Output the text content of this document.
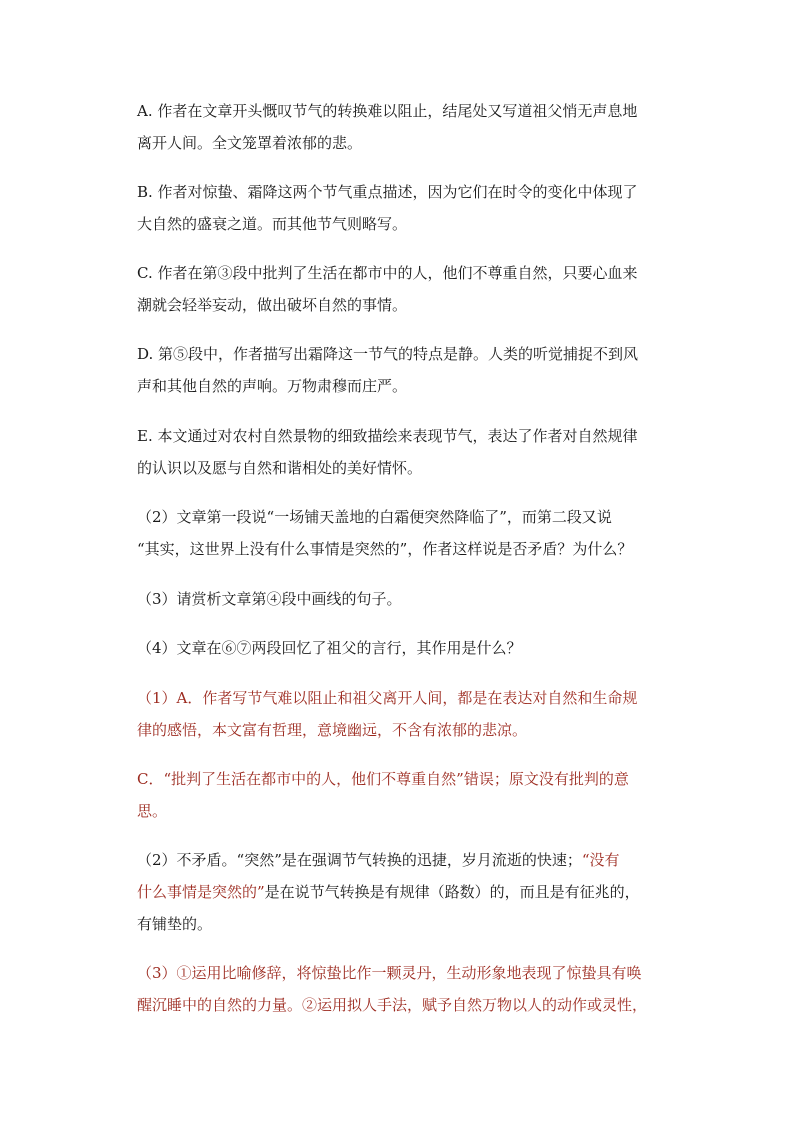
A. 作者在文章开头慨叹节气的转换难以阻止，结尾处又写道祖父悄无声息地
离开人间。全文笼罩着浓郁的悲。
B. 作者对惊蛰、霜降这两个节气重点描述，因为它们在时令的变化中体现了
大自然的盛衰之道。而其他节气则略写。
C. 作者在第③段中批判了生活在都市中的人，他们不尊重自然，只要心血来
潮就会轻举妄动，做出破坏自然的事情。
D. 第⑤段中，作者描写出霜降这一节气的特点是静。人类的听觉捕捉不到风
声和其他自然的声响。万物肃穆而庄严。
E. 本文通过对农村自然景物的细致描绘来表现节气，表达了作者对自然规律
的认识以及愿与自然和谐相处的美好情怀。
（2）文章第一段说“一场铺天盖地的白霜便突然降临了”，而第二段又说
“其实，这世界上没有什么事情是突然的”，作者这样说是否矛盾？为什么？
（3）请赏析文章第④段中画线的句子。
（4）文章在⑥⑦两段回忆了祖父的言行，其作用是什么？
（1）A．作者写节气难以阻止和祖父离开人间，都是在表达对自然和生命规
律的感悟，本文富有哲理，意境幽远，不含有浓郁的悲凉。
C．“批判了生活在都市中的人，他们不尊重自然”错误；原文没有批判的意
思。
（2）不矛盾。“突然”是在强调节气转换的迅捷，岁月流逝的快速；“没有
什么事情是突然的”是在说节气转换是有规律（路数）的，而且是有征兆的，
有铺垫的。
（3）①运用比喻修辞，将惊蛰比作一颗灵丹，生动形象地表现了惊蛰具有唤
醒沉睡中的自然的力量。②运用拟人手法，赋予自然万物以人的动作或灵性，
